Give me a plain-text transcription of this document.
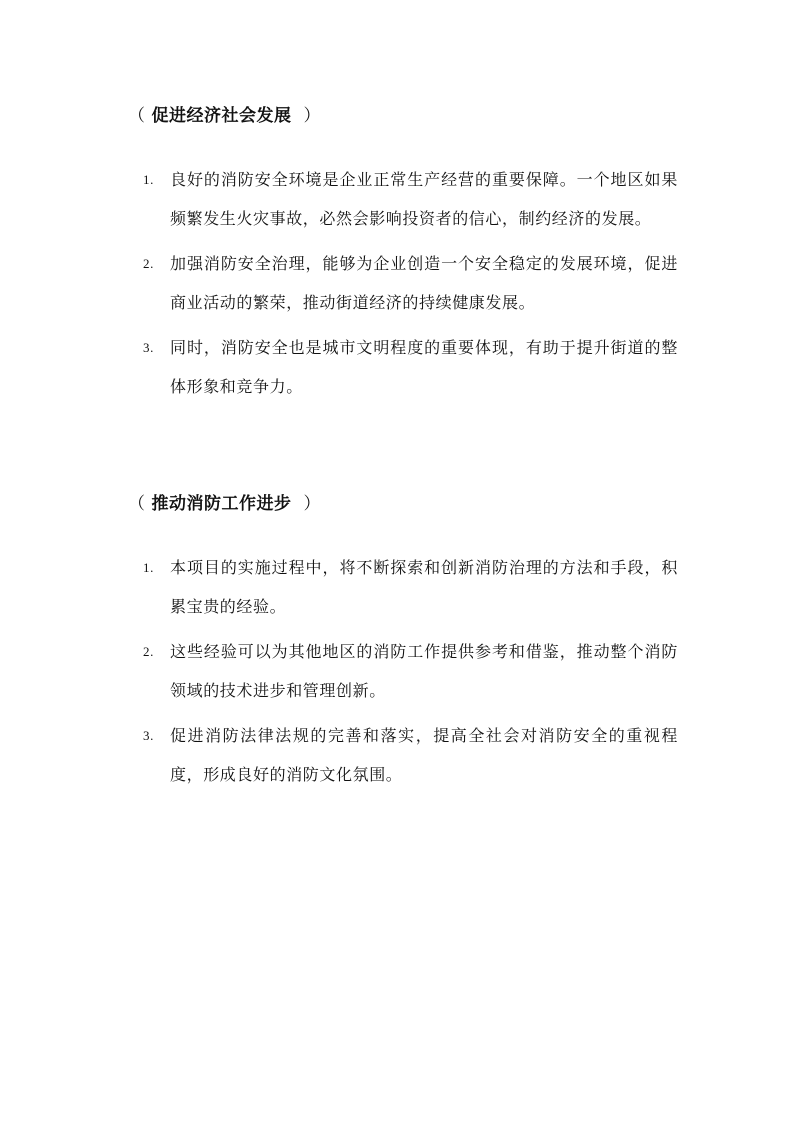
（ 促进经济社会发展 ）
1. 良好的消防安全环境是企业正常生产经营的重要保障。一个地区如果频繁发生火灾事故，必然会影响投资者的信心，制约经济的发展。
2. 加强消防安全治理，能够为企业创造一个安全稳定的发展环境，促进商业活动的繁荣，推动街道经济的持续健康发展。
3. 同时，消防安全也是城市文明程度的重要体现，有助于提升街道的整体形象和竞争力。
（ 推动消防工作进步 ）
1. 本项目的实施过程中，将不断探索和创新消防治理的方法和手段，积累宝贵的经验。
2. 这些经验可以为其他地区的消防工作提供参考和借鉴，推动整个消防领域的技术进步和管理创新。
3. 促进消防法律法规的完善和落实，提高全社会对消防安全的重视程度，形成良好的消防文化氛围。
